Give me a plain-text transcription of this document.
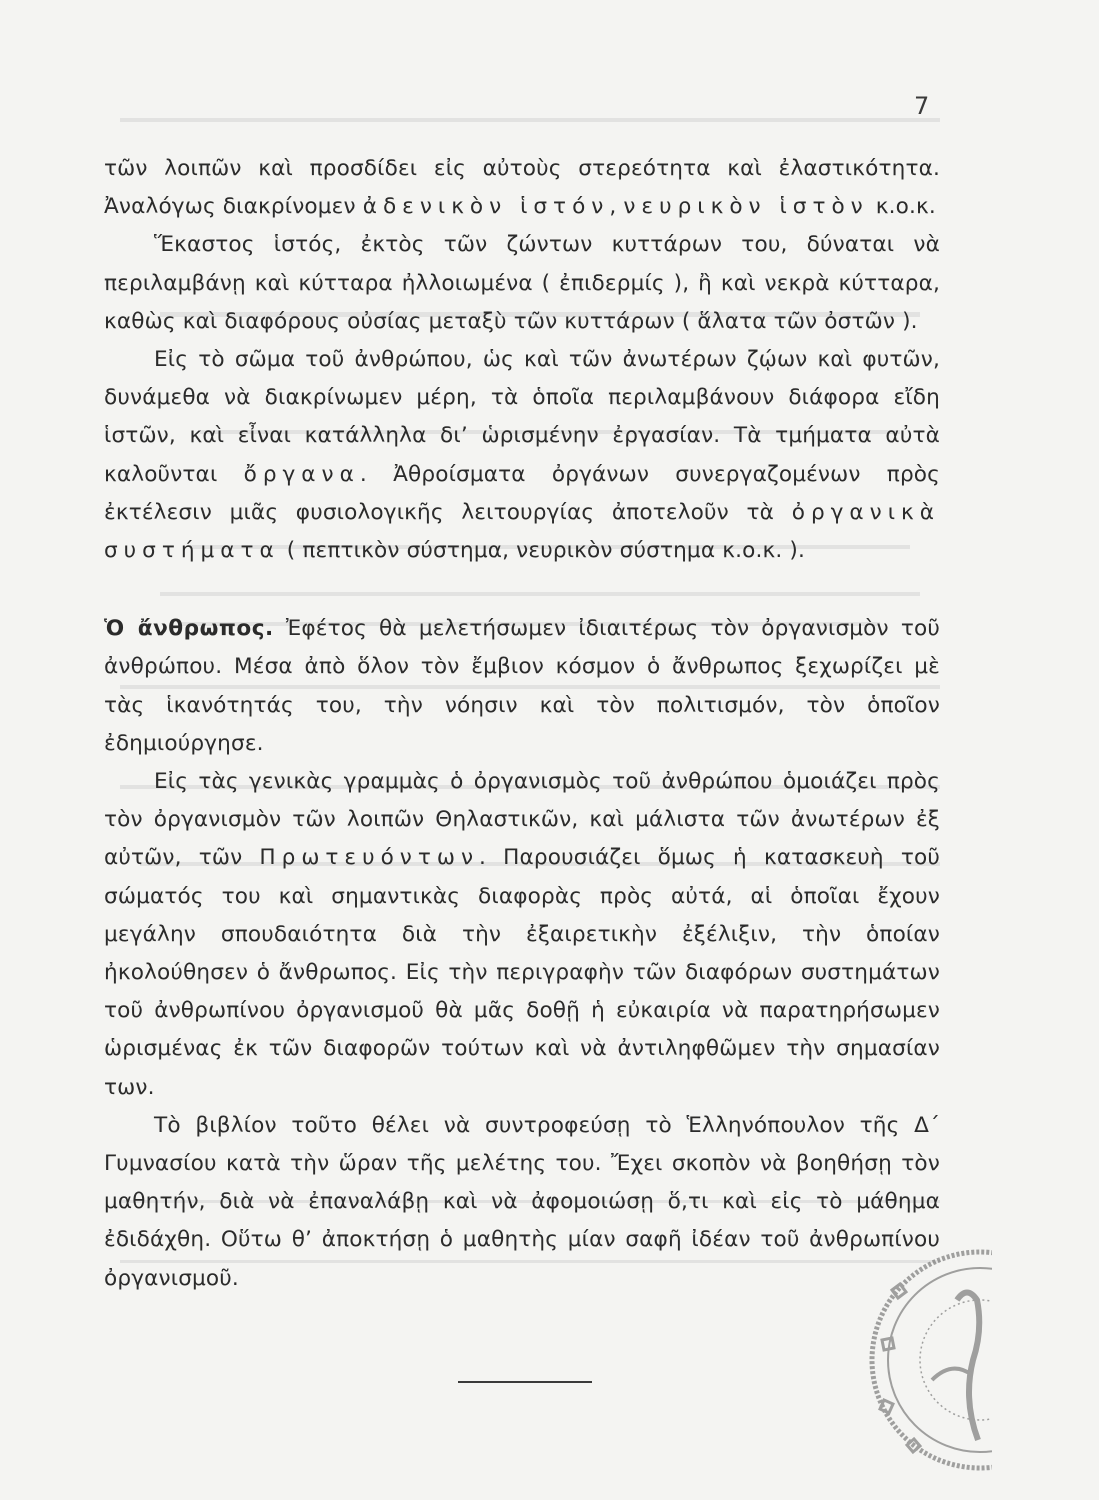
7

τῶν λοιπῶν καὶ προσδίδει εἰς αὐτοὺς στερεότητα καὶ ἐλαστικότητα. Ἀναλόγως διακρίνομεν ἀδενικὸν ἱστόν, νευρικὸν ἱστὸν κ.ο.κ.

Ἕκαστος ἱστός, ἐκτὸς τῶν ζώντων κυττάρων του, δύναται νὰ περιλαμβάνῃ καὶ κύτταρα ἠλλοιωμένα ( ἐπιδερμίς ), ἢ καὶ νεκρὰ κύτταρα, καθὼς καὶ διαφόρους οὐσίας μεταξὺ τῶν κυττάρων ( ἅλατα τῶν ὀστῶν ).

Εἰς τὸ σῶμα τοῦ ἀνθρώπου, ὡς καὶ τῶν ἀνωτέρων ζῴων καὶ φυτῶν, δυνάμεθα νὰ διακρίνωμεν μέρη, τὰ ὁποῖα περιλαμβάνουν διάφορα εἴδη ἱστῶν, καὶ εἶναι κατάλληλα δι’ ὡρισμένην ἐργασίαν. Τὰ τμήματα αὐτὰ καλοῦνται ὄργανα. Ἀθροίσματα ὀργάνων συνεργαζομένων πρὸς ἐκτέλεσιν μιᾶς φυσιολογικῆς λειτουργίας ἀποτελοῦν τὰ ὀργανικὰ συστήματα ( πεπτικὸν σύστημα, νευρικὸν σύστημα κ.ο.κ. ).

Ὁ ἄνθρωπος. Ἐφέτος θὰ μελετήσωμεν ἰδιαιτέρως τὸν ὀργανισμὸν τοῦ ἀνθρώπου. Μέσα ἀπὸ ὅλον τὸν ἔμβιον κόσμον ὁ ἄνθρωπος ξεχωρίζει μὲ τὰς ἱκανότητάς του, τὴν νόησιν καὶ τὸν πολιτισμόν, τὸν ὁποῖον ἐδημιούργησε.

Εἰς τὰς γενικὰς γραμμὰς ὁ ὀργανισμὸς τοῦ ἀνθρώπου ὁμοιάζει πρὸς τὸν ὀργανισμὸν τῶν λοιπῶν Θηλαστικῶν, καὶ μάλιστα τῶν ἀνωτέρων ἐξ αὐτῶν, τῶν Πρωτευόντων. Παρουσιάζει ὅμως ἡ κατασκευὴ τοῦ σώματός του καὶ σημαντικὰς διαφορὰς πρὸς αὐτά, αἱ ὁποῖαι ἔχουν μεγάλην σπουδαιότητα διὰ τὴν ἐξαιρετικὴν ἐξέλιξιν, τὴν ὁποίαν ἠκολούθησεν ὁ ἄνθρωπος. Εἰς τὴν περιγραφὴν τῶν διαφόρων συστημάτων τοῦ ἀνθρωπίνου ὀργανισμοῦ θὰ μᾶς δοθῇ ἡ εὐκαιρία νὰ παρατηρήσωμεν ὡρισμένας ἐκ τῶν διαφορῶν τούτων καὶ νὰ ἀντιληφθῶμεν τὴν σημασίαν των.

Τὸ βιβλίον τοῦτο θέλει νὰ συντροφεύσῃ τὸ Ἑλληνόπουλον τῆς Δ΄ Γυμνασίου κατὰ τὴν ὥραν τῆς μελέτης του. Ἔχει σκοπὸν νὰ βοηθήσῃ τὸν μαθητήν, διὰ νὰ ἐπαναλάβῃ καὶ νὰ ἀφομοιώσῃ ὅ,τι καὶ εἰς τὸ μάθημα ἐδιδάχθη. Οὕτω θ’ ἀποκτήσῃ ὁ μαθητὴς μίαν σαφῆ ἰδέαν τοῦ ἀνθρωπίνου ὀργανισμοῦ.
